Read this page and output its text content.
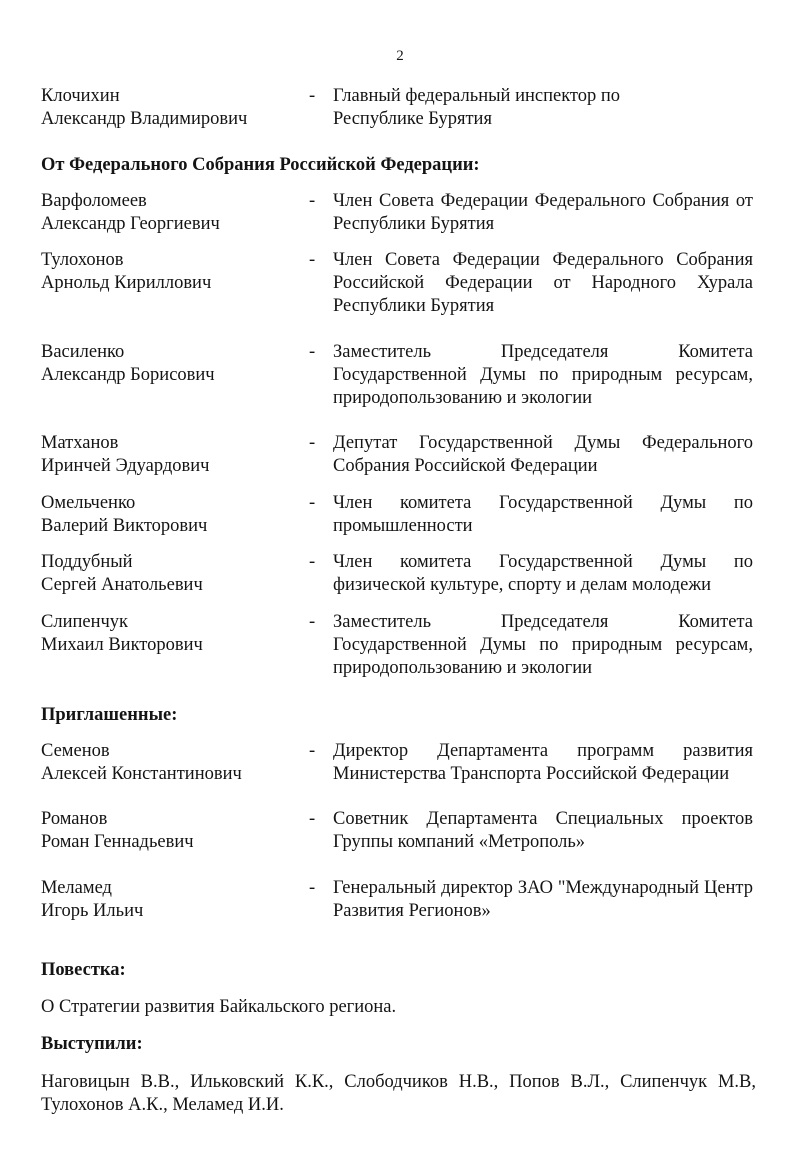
2
Клочихин
Александр Владимирович
- Главный федеральный инспектор по Республике Бурятия
От Федерального Собрания Российской Федерации:
Варфоломеев
Александр Георгиевич
- Член Совета Федерации Федерального Собрания от Республики Бурятия
Тулохонов
Арнольд Кириллович
- Член Совета Федерации Федерального Собрания Российской Федерации от Народного Хурала Республики Бурятия
Василенко
Александр Борисович
- Заместитель Председателя Комитета Государственной Думы по природным ресурсам, природопользованию и экологии
Матханов
Иринчей Эдуардович
- Депутат Государственной Думы Федерального Собрания Российской Федерации
Омельченко
Валерий Викторович
- Член комитета Государственной Думы по промышленности
Поддубный
Сергей Анатольевич
- Член комитета Государственной Думы по физической культуре, спорту и делам молодежи
Слипенчук
Михаил Викторович
- Заместитель Председателя Комитета Государственной Думы по природным ресурсам, природопользованию и экологии
Приглашенные:
Семенов
Алексей Константинович
- Директор Департамента программ развития Министерства Транспорта Российской Федерации
Романов
Роман Геннадьевич
- Советник Департамента Специальных проектов Группы компаний «Метрополь»
Меламед
Игорь Ильич
- Генеральный директор ЗАО "Международный Центр Развития Регионов»
Повестка:
О Стратегии развития Байкальского региона.
Выступили:
Наговицын В.В., Ильковский К.К., Слободчиков Н.В., Попов В.Л., Слипенчук М.В, Тулохонов А.К., Меламед И.И.
